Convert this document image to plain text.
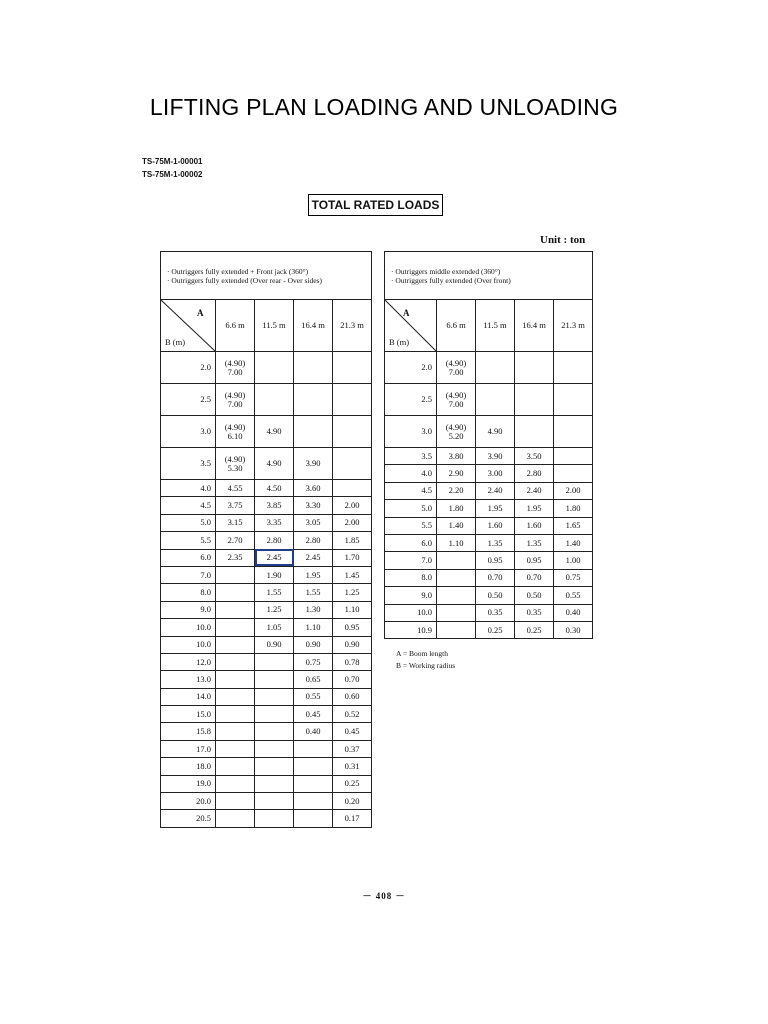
LIFTING PLAN LOADING AND UNLOADING
TS-75M-1-00001
TS-75M-1-00002
TOTAL RATED LOADS
Unit : ton
· Outriggers fully extended + Front jack (360°)
· Outriggers fully extended (Over rear - Over sides)				

A
B (m)	6.6 m	11.5 m	16.4 m	21.3 m

2.0	(4.90)
7.00			

2.5	(4.90)
7.00			

3.0	(4.90)
6.10	4.90		

3.5	(4.90)
5.30	4.90	3.90	

4.0	4.55	4.50	3.60	

4.5	3.75	3.85	3.30	2.00

5.0	3.15	3.35	3.05	2.00

5.5	2.70	2.80	2.80	1.85

6.0	2.35	2.45	2.45	1.70

7.0		1.90	1.95	1.45

8.0		1.55	1.55	1.25

9.0		1.25	1.30	1.10

10.0		1.05	1.10	0.95

10.0		0.90	0.90	0.90

12.0			0.75	0.78

13.0			0.65	0.70

14.0			0.55	0.60

15.0			0.45	0.52

15.8			0.40	0.45

17.0				0.37

18.0				0.31

19.0				0.25

20.0				0.20

20.5				0.17
· Outriggers middle extended (360°)
· Outriggers fully extended (Over front)				

A
B (m)	6.6 m	11.5 m	16.4 m	21.3 m

2.0	(4.90)
7.00			

2.5	(4.90)
7.00			

3.0	(4.90)
5.20	4.90		

3.5	3.80	3.90	3.50	

4.0	2.90	3.00	2.80	

4.5	2.20	2.40	2.40	2.00

5.0	1.80	1.95	1.95	1.80

5.5	1.40	1.60	1.60	1.65

6.0	1.10	1.35	1.35	1.40

7.0		0.95	0.95	1.00

8.0		0.70	0.70	0.75

9.0		0.50	0.50	0.55

10.0		0.35	0.35	0.40

10.9		0.25	0.25	0.30
A = Boom length
B = Working radius
－ 408 －
